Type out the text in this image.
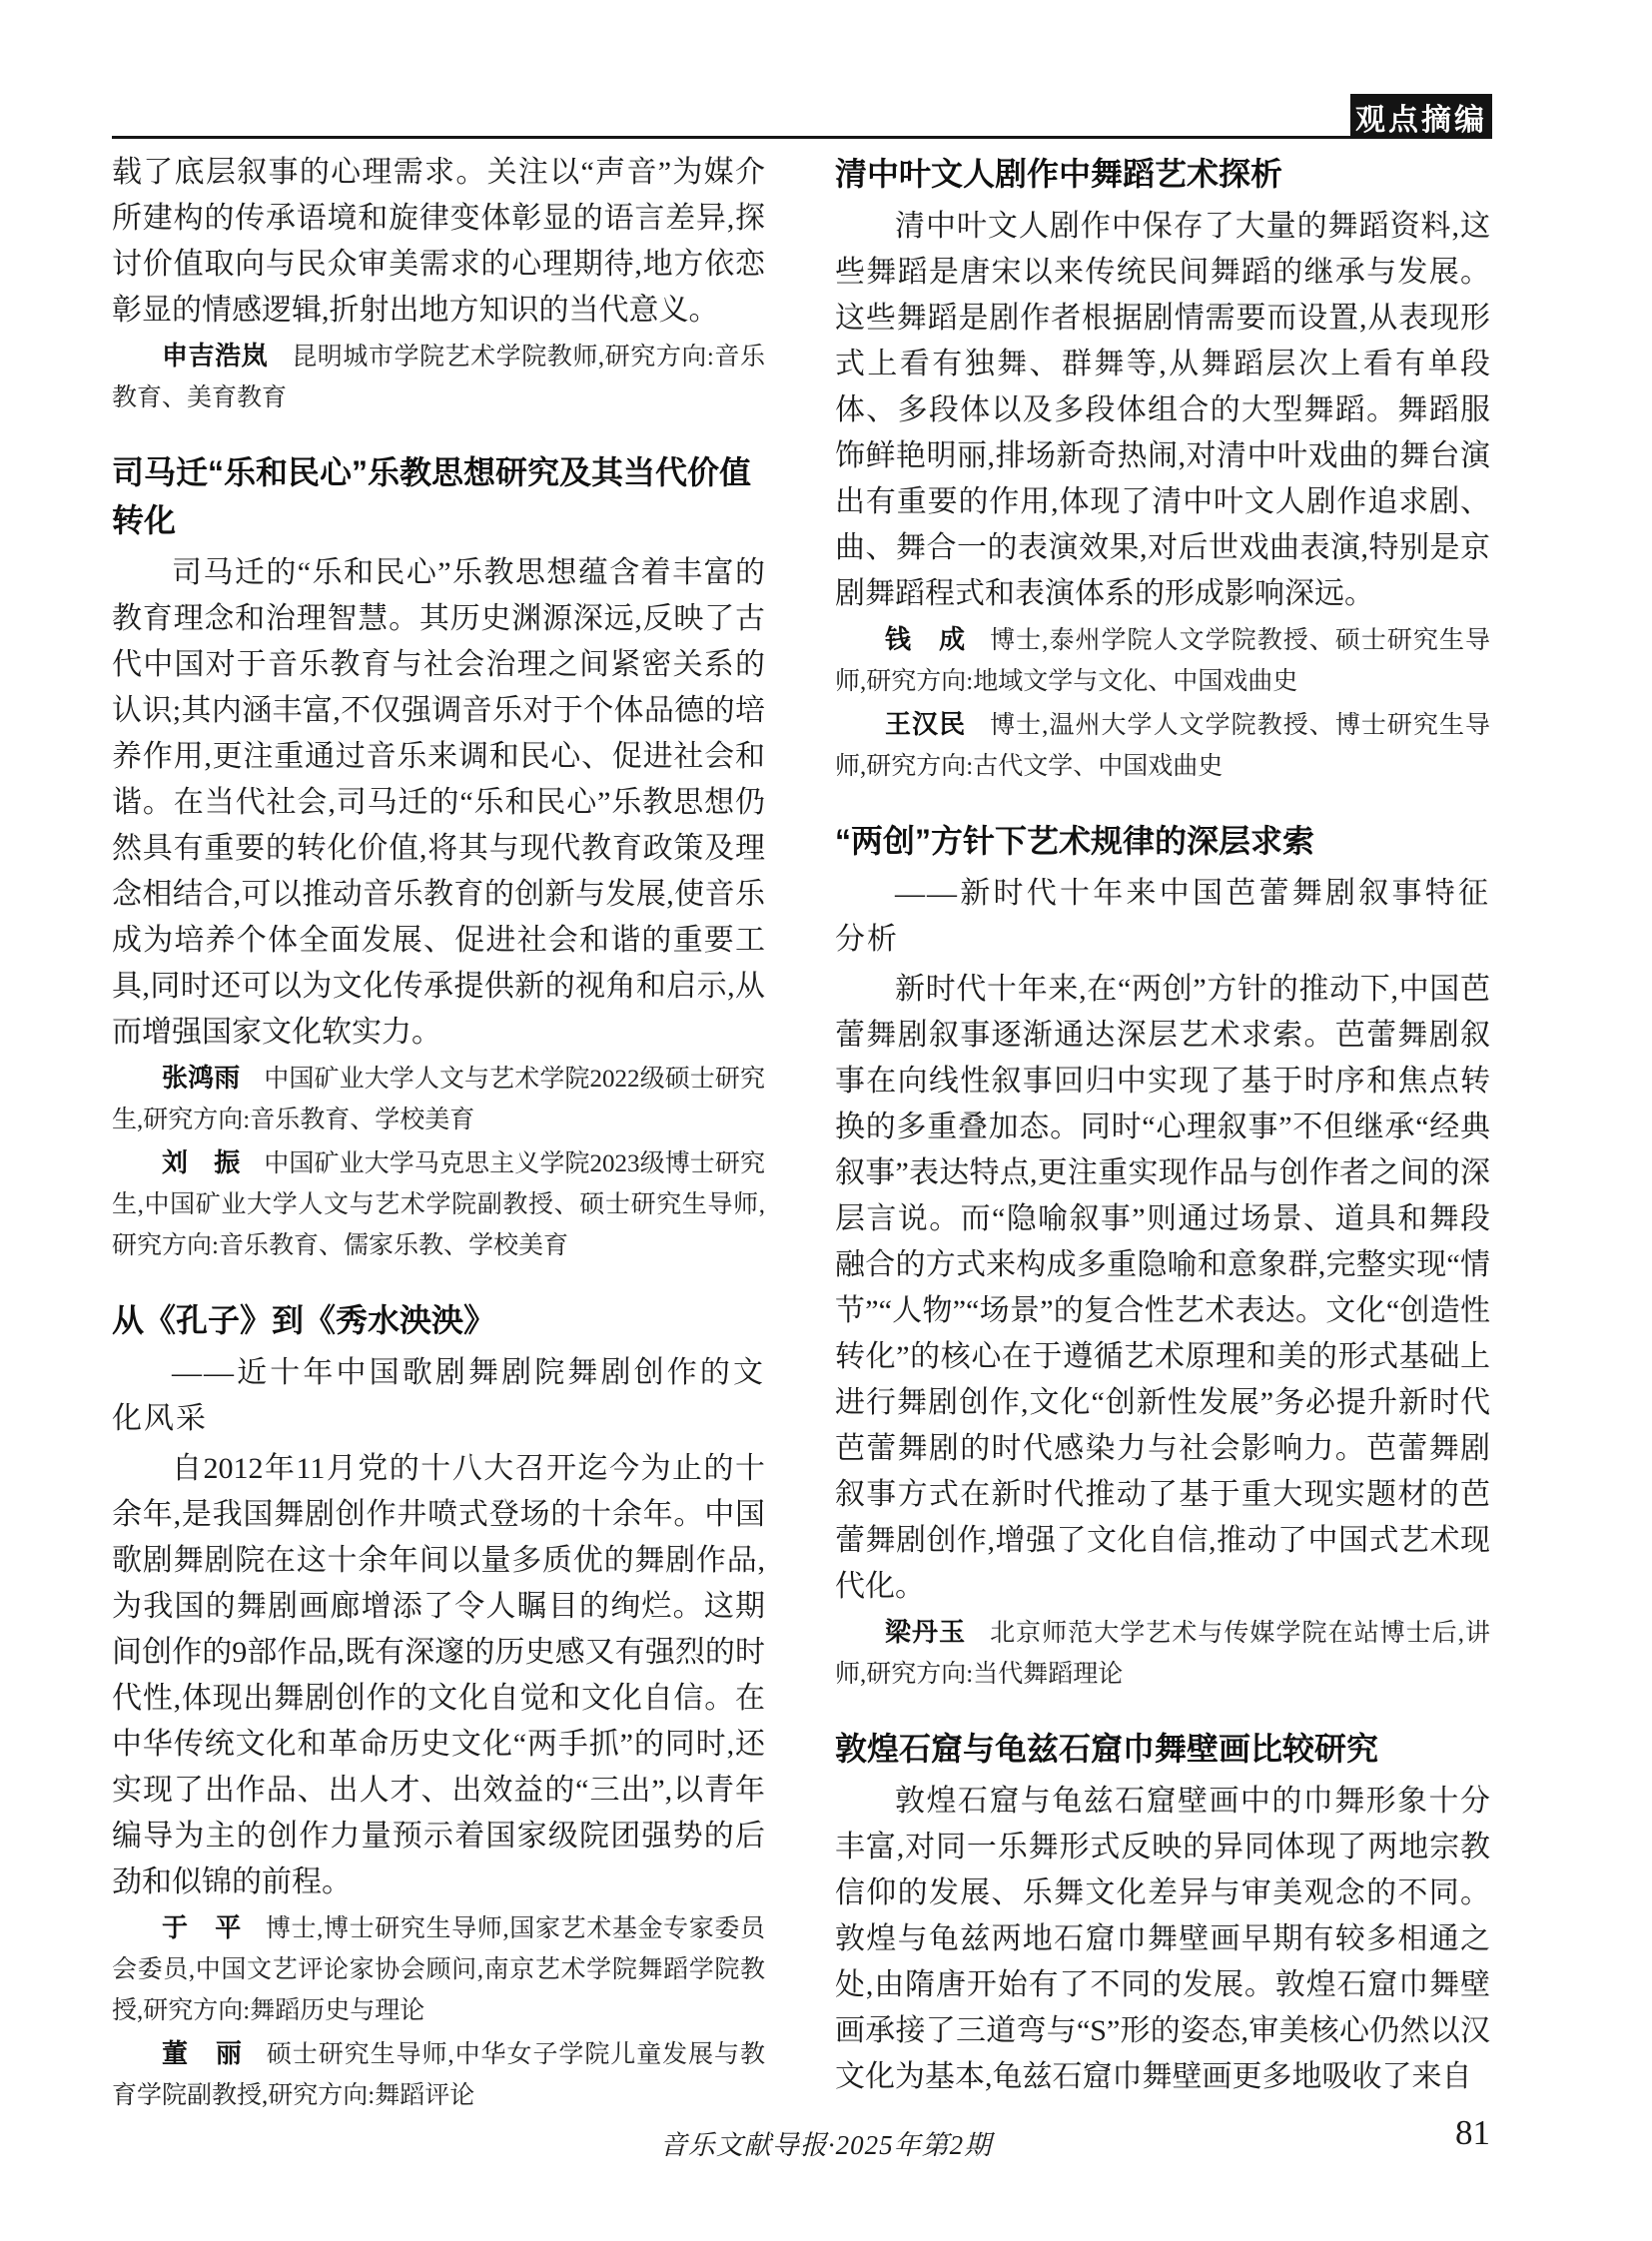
观点摘编

载了底层叙事的心理需求。关注以“声音”为媒介所建构的传承语境和旋律变体彰显的语言差异,探讨价值取向与民众审美需求的心理期待,地方依恋彰显的情感逻辑,折射出地方知识的当代意义。

申吉浩岚 昆明城市学院艺术学院教师,研究方向:音乐教育、美育教育

司马迁“乐和民心”乐教思想研究及其当代价值转化

司马迁的“乐和民心”乐教思想蕴含着丰富的教育理念和治理智慧。其历史渊源深远,反映了古代中国对于音乐教育与社会治理之间紧密关系的认识;其内涵丰富,不仅强调音乐对于个体品德的培养作用,更注重通过音乐来调和民心、促进社会和谐。在当代社会,司马迁的“乐和民心”乐教思想仍然具有重要的转化价值,将其与现代教育政策及理念相结合,可以推动音乐教育的创新与发展,使音乐成为培养个体全面发展、促进社会和谐的重要工具,同时还可以为文化传承提供新的视角和启示,从而增强国家文化软实力。

张鸿雨 中国矿业大学人文与艺术学院2022级硕士研究生,研究方向:音乐教育、学校美育

刘　振 中国矿业大学马克思主义学院2023级博士研究生,中国矿业大学人文与艺术学院副教授、硕士研究生导师,研究方向:音乐教育、儒家乐教、学校美育

从《孔子》到《秀水泱泱》

——近十年中国歌剧舞剧院舞剧创作的文化风采

自2012年11月党的十八大召开迄今为止的十余年,是我国舞剧创作井喷式登场的十余年。中国歌剧舞剧院在这十余年间以量多质优的舞剧作品,为我国的舞剧画廊增添了令人瞩目的绚烂。这期间创作的9部作品,既有深邃的历史感又有强烈的时代性,体现出舞剧创作的文化自觉和文化自信。在中华传统文化和革命历史文化“两手抓”的同时,还实现了出作品、出人才、出效益的“三出”,以青年编导为主的创作力量预示着国家级院团强势的后劲和似锦的前程。

于　平 博士,博士研究生导师,国家艺术基金专家委员会委员,中国文艺评论家协会顾问,南京艺术学院舞蹈学院教授,研究方向:舞蹈历史与理论

董　丽 硕士研究生导师,中华女子学院儿童发展与教育学院副教授,研究方向:舞蹈评论

清中叶文人剧作中舞蹈艺术探析

清中叶文人剧作中保存了大量的舞蹈资料,这些舞蹈是唐宋以来传统民间舞蹈的继承与发展。这些舞蹈是剧作者根据剧情需要而设置,从表现形式上看有独舞、群舞等,从舞蹈层次上看有单段体、多段体以及多段体组合的大型舞蹈。舞蹈服饰鲜艳明丽,排场新奇热闹,对清中叶戏曲的舞台演出有重要的作用,体现了清中叶文人剧作追求剧、曲、舞合一的表演效果,对后世戏曲表演,特别是京剧舞蹈程式和表演体系的形成影响深远。

钱　成 博士,泰州学院人文学院教授、硕士研究生导师,研究方向:地域文学与文化、中国戏曲史

王汉民 博士,温州大学人文学院教授、博士研究生导师,研究方向:古代文学、中国戏曲史

“两创”方针下艺术规律的深层求索

——新时代十年来中国芭蕾舞剧叙事特征分析

新时代十年来,在“两创”方针的推动下,中国芭蕾舞剧叙事逐渐通达深层艺术求索。芭蕾舞剧叙事在向线性叙事回归中实现了基于时序和焦点转换的多重叠加态。同时“心理叙事”不但继承“经典叙事”表达特点,更注重实现作品与创作者之间的深层言说。而“隐喻叙事”则通过场景、道具和舞段融合的方式来构成多重隐喻和意象群,完整实现“情节”“人物”“场景”的复合性艺术表达。文化“创造性转化”的核心在于遵循艺术原理和美的形式基础上进行舞剧创作,文化“创新性发展”务必提升新时代芭蕾舞剧的时代感染力与社会影响力。芭蕾舞剧叙事方式在新时代推动了基于重大现实题材的芭蕾舞剧创作,增强了文化自信,推动了中国式艺术现代化。

梁丹玉 北京师范大学艺术与传媒学院在站博士后,讲师,研究方向:当代舞蹈理论

敦煌石窟与龟兹石窟巾舞壁画比较研究

敦煌石窟与龟兹石窟壁画中的巾舞形象十分丰富,对同一乐舞形式反映的异同体现了两地宗教信仰的发展、乐舞文化差异与审美观念的不同。敦煌与龟兹两地石窟巾舞壁画早期有较多相通之处,由隋唐开始有了不同的发展。敦煌石窟巾舞壁画承接了三道弯与“S”形的姿态,审美核心仍然以汉文化为基本,龟兹石窟巾舞壁画更多地吸收了来自

音乐文献导报·2025年第2期	81
